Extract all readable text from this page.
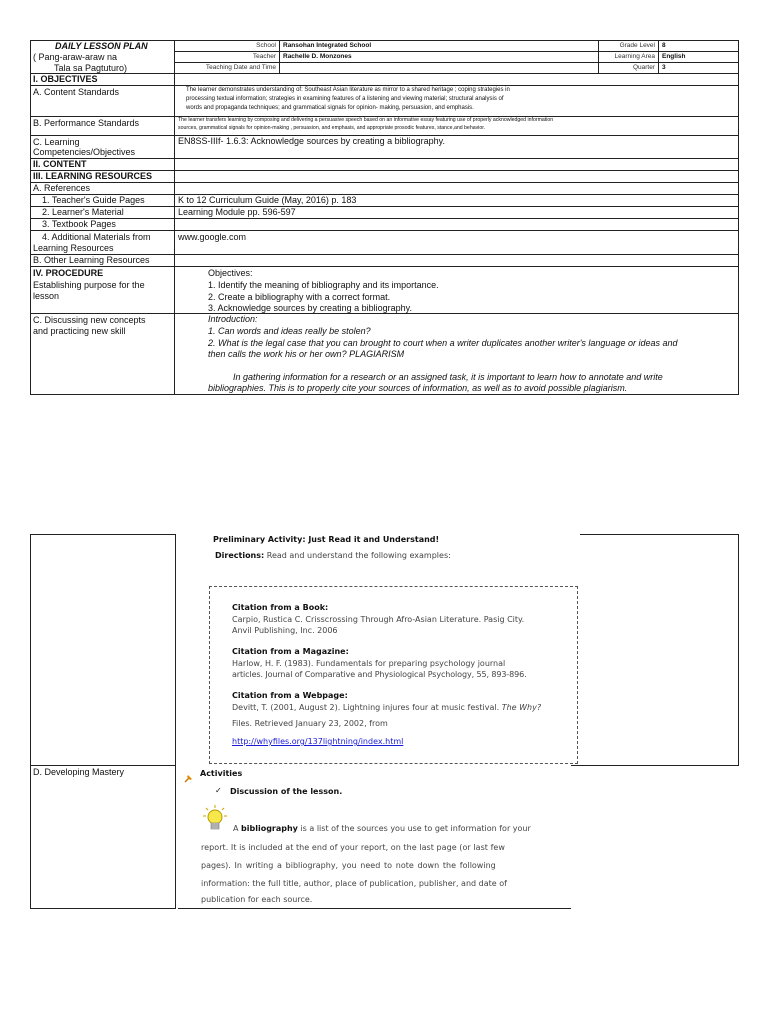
DAILY LESSON PLAN
( Pang-araw-araw na
Tala sa Pagtuturo)
School Ransohan Integrated School
Teacher Rachelle D. Monzones
Teaching Date and Time
Grade Level 8
Learning Area English
Quarter 3
I. OBJECTIVES
A. Content Standards
B. Performance Standards
C. Learning
Competencies/Objectives
II. CONTENT
III. LEARNING RESOURCES
A. References
1. Teacher's Guide Pages
2. Learner's Material
3. Textbook Pages
4. Additional Materials from
Learning Resources
B. Other Learning Resources
IV. PROCEDURE
Establishing purpose for the
lesson
C. Discussing new concepts
and practicing new skill
The learner demonstrates understanding of: Southeast Asian literature as mirror to a shared heritage ; coping strategies in
processing textual information; strategies in examining features of a listening and viewing material; structural analysis of
words and propaganda techniques; and grammatical signals for opinion- making, persuasion, and emphasis.
The learner transfers learning by composing and delivering a persuasive speech based on an informative essay featuring use of properly acknowledged information
sources, grammatical signals for opinion-making , persuasion, and emphasis, and appropriate prosodic features, stance,and behavior.
EN8SS-IIIf- 1.6.3: Acknowledge sources by creating a bibliography.
K to 12 Curriculum Guide (May, 2016) p. 183
Learning Module pp. 596-597
www.google.com
Objectives:
1. Identify the meaning of bibliography and its importance.
2. Create a bibliography with a correct format.
3. Acknowledge sources by creating a bibliography.
Introduction:
1. Can words and ideas really be stolen?
2. What is the legal case that you can brought to court when a writer duplicates another writer's language or ideas and
then calls the work his or her own? PLAGIARISM
In gathering information for a research or an assigned task, it is important to learn how to annotate and write
bibliographies. This is to properly cite your sources of information, as well as to avoid possible plagiarism.
Preliminary Activity: Just Read it and Understand!
Directions: Read and understand the following examples:
Citation from a Book:
Carpio, Rustica C. Crisscrossing Through Afro-Asian Literature. Pasig City.
Anvil Publishing, Inc. 2006
Citation from a Magazine:
Harlow, H. F. (1983). Fundamentals for preparing psychology journal
articles. Journal of Comparative and Physiological Psychology, 55, 893-896.
Citation from a Webpage:
Devitt, T. (2001, August 2). Lightning injures four at music festival. The Why?
Files. Retrieved January 23, 2002, from
http://whyfiles.org/137lightning/index.html
D. Developing Mastery	Activities
✓ Discussion of the lesson.
A bibliography is a list of the sources you use to get information for your
report. It is included at the end of your report, on the last page (or last few
pages). In writing a bibliography, you need to note down the following
information: the full title, author, place of publication, publisher, and date of
publication for each source.
